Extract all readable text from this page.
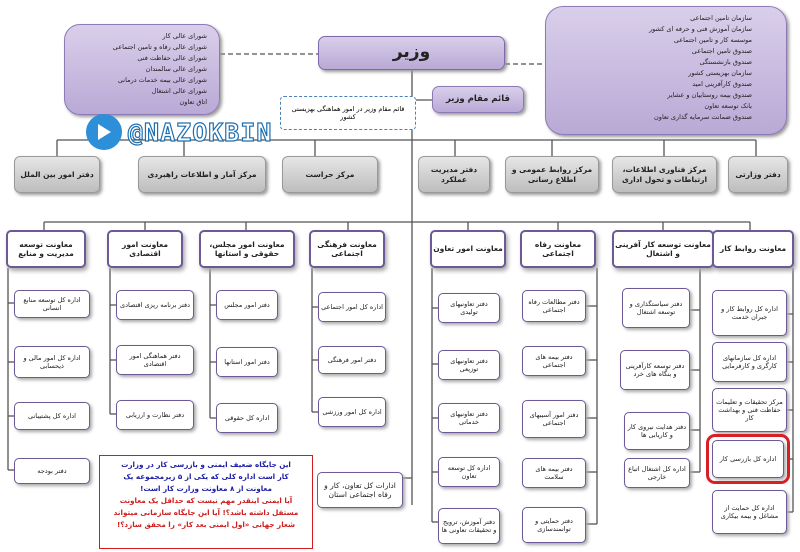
شورای عالی کار
شورای عالی رفاه و تامین اجتماعی
شورای عالی حفاظت فنی
شورای عالی سالمندان
شورای عالی بیمه خدمات درمانی
شورای عالی اشتغال
اتاق تعاون
وزیر
سازمان تامین اجتماعی
سازمان آموزش فنی و حرفه ای کشور
موسسه کار و تامین اجتماعی
صندوق تامین اجتماعی
صندوق بازنشستگی
سازمان بهزیستی کشور
صندوق کارآفرینی امید
صندوق بیمه روستاییان و عشایر
بانک توسعه تعاون
صندوق ضمانت سرمایه گذاری تعاون
قائم مقام وزیر
قائم مقام وزیر در امور هماهنگی بهزیستی کشور
@NAZOKBIN
دفتر امور بین الملل	مرکز آمار و اطلاعات راهبردی	مرکز حراست
دفتر مدیریت عملکرد
مرکز روابط عمومی و اطلاع رسانی
مرکز فناوری اطلاعات، ارتباطات و تحول اداری
دفتر وزارتی
معاونت توسعه مدیریت و منابع
معاونت امور اقتصادی
معاونت امور مجلس، حقوقی و استانها
معاونت فرهنگی اجتماعی
معاونت امور تعاون
معاونت رفاه اجتماعی
معاونت توسعه کار آفرینی و اشتغال
معاونت روابط کار
اداره کل توسعه منابع انسانی
اداره کل امور مالی و ذیحسابی
اداره کل پشتیبانی
دفتر بودجه
دفتر برنامه ریزی اقتصادی
دفتر هماهنگی امور اقتصادی
دفتر نظارت و ارزیابی
دفتر امور مجلس
دفتر امور استانها
اداره کل حقوقی
اداره کل امور اجتماعی
دفتر امور فرهنگی
اداره کل امور ورزشی
ادارات کل تعاون، کار و رفاه اجتماعی استان
دفتر تعاونیهای تولیدی
دفتر تعاونیهای توزیعی
دفتر تعاونیهای خدماتی
اداره کل توسعه تعاون
دفتر آموزش، ترویج و تحقیقات تعاونی ها
دفتر مطالعات رفاه اجتماعی
دفتر بیمه های اجتماعی
دفتر امور آسیبهای اجتماعی
دفتر بیمه های سلامت
دفتر حمایتی و توانمندسازی
دفتر سیاستگذاری و توسعه اشتغال
دفتر توسعه کارآفرینی و بنگاه های خرد
دفتر هدایت نیروی کار و کاریابی ها
اداره کل اشتغال اتباع خارجی
اداره کل روابط کار و جبران خدمت
اداره کل سازمانهای کارگری و کارفرمایی
مرکز تحقیقات و تعلیمات حفاظت فنی و بهداشت کار
اداره کل بازرسی کار
اداره کل حمایت از مشاغل و بیمه بیکاری
این جایگاه ضعیف ایمنی و بازرسی کار در وزارت
کار است اداره کلی که یکی از ۵ زیرمجموعه یک
معاونت از ۸ معاونت وزارت کار است!
آیا ایمنی اینقدر مهم نیست که حداقل یک معاونت
مستقل داشته باشد؟! آیا این جایگاه سازمانی میتواند
شعار جهانی «اول ایمنی بعد کار» را محقق سازد؟!
